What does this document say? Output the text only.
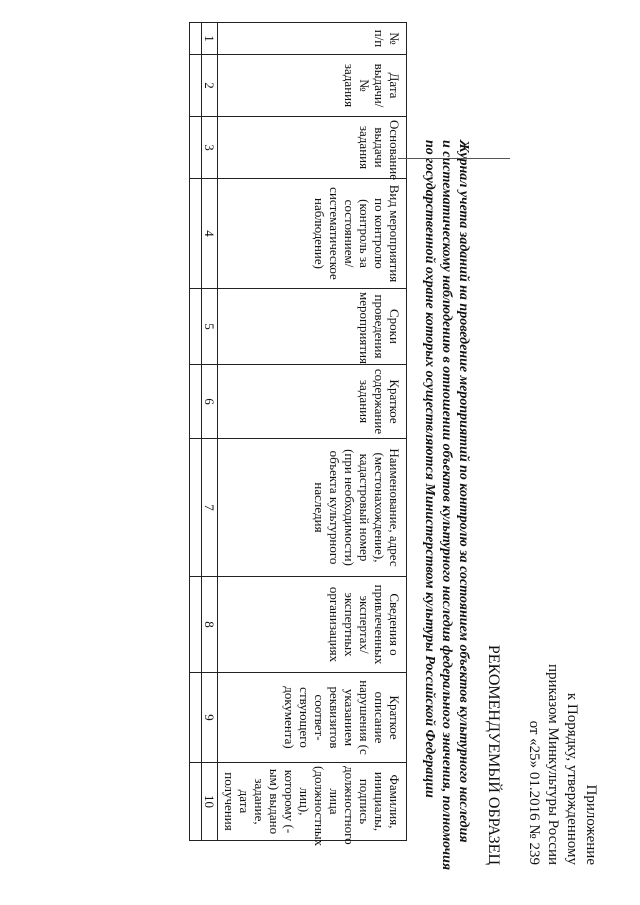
Приложение
к Порядку, утвержденному
приказом Минкультуры России
от «25» 01.2016 № 239
РЕКОМЕНДУЕМЫЙ ОБРАЗЕЦ
Журнал учета заданий на проведение мероприятий по контролю за состоянием объектов культурного наследия
и систематическому наблюдению в отношении объектов культурного наследия федерального значения, полномочия
по государственной охране которых осуществляются Министерством культуры Российской Федерации
№ п/п	Дата выдачи/ № задания	Основание выдачи задания	Вид мероприятия по контролю (контроль за состоянием/ систематическое наблюдение)	Сроки проведения мероприятия	Краткое содержание задания	Наименование, адрес (местонахождение), кадастровый номер (при необходимости) объекта культурного наследия	Сведения о привлеченных экспертах/ экспертных организациях	Краткое описание нарушения (с указанием реквизитов соответ- ствующего документа)	Фамилия, инициалы, подпись должностного лица (должностных лиц), которому (-ым) выдано задание, дата получения
1	2	3	4	5	6	7	8	9	10
